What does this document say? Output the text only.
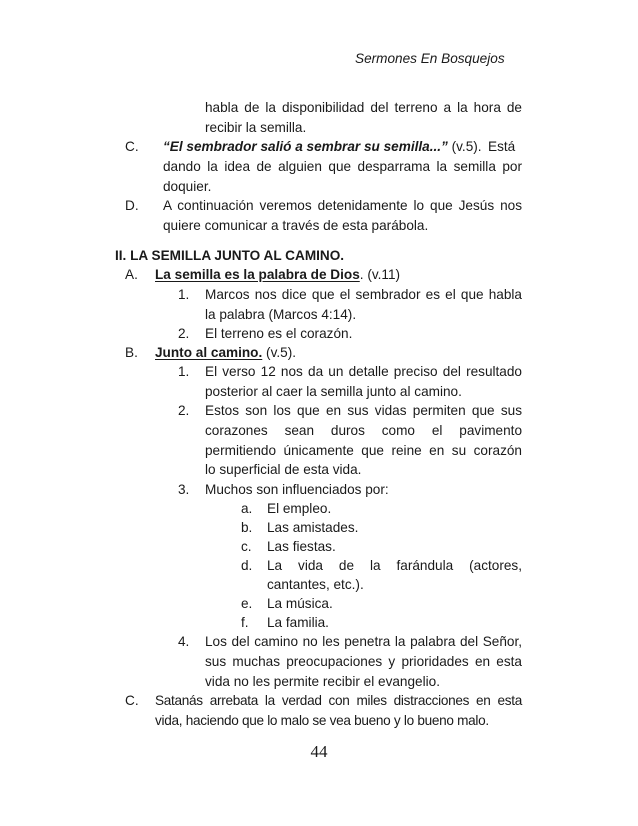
Sermones En Bosquejos
habla de la disponibilidad del terreno a la hora de
recibir la semilla.
C. “El sembrador salió a sembrar su semilla...” (v.5). Está
dando la idea de alguien que desparrama la semilla por
doquier.
D. A continuación veremos detenidamente lo que Jesús nos
quiere comunicar a través de esta parábola.
II. LA SEMILLA JUNTO AL CAMINO.
A. La semilla es la palabra de Dios. (v.11)
1. Marcos nos dice que el sembrador es el que habla
la palabra (Marcos 4:14).
2. El terreno es el corazón.
B. Junto al camino. (v.5).
1. El verso 12 nos da un detalle preciso del resultado
posterior al caer la semilla junto al camino.
2. Estos son los que en sus vidas permiten que sus
corazones sean duros como el pavimento
permitiendo únicamente que reine en su corazón
lo superficial de esta vida.
3. Muchos son influenciados por:
a. El empleo.
b. Las amistades.
c. Las fiestas.
d. La vida de la farándula (actores,
cantantes, etc.).
e. La música.
f. La familia.
4. Los del camino no les penetra la palabra del Señor,
sus muchas preocupaciones y prioridades en esta
vida no les permite recibir el evangelio.
C. Satanás arrebata la verdad con miles distracciones en esta
vida, haciendo que lo malo se vea bueno y lo bueno malo.
44
